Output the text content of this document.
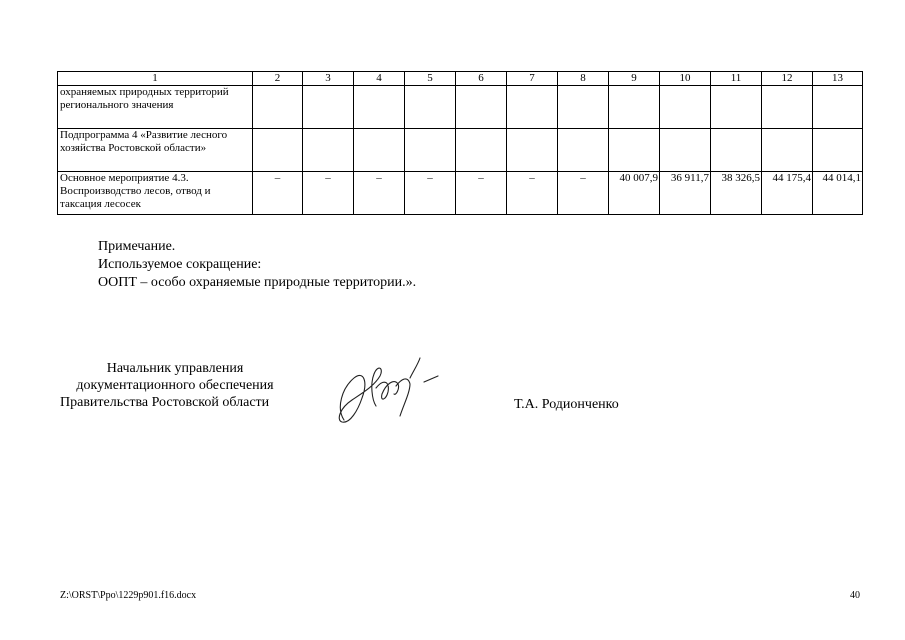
1	2	3	4	5	6	7	8	9	10	11	12	13
охраняемых природных территорий регионального значения												
Подпрограмма 4 «Развитие лесного хозяйства Ростовской области»												
Основное мероприятие 4.3. Воспроизводство лесов, отвод и таксация лесосек	–	–	–	–	–	–	–	40 007,9	36 911,7	38 326,5	44 175,4	44 014,1
Примечание.
Используемое сокращение:
ООПТ – особо охраняемые природные территории.».
Начальник управления
документационного обеспечения
Правительства Ростовской области	Т.А. Родионченко
Z:\ORST\Ppo\1229p901.f16.docx	40
